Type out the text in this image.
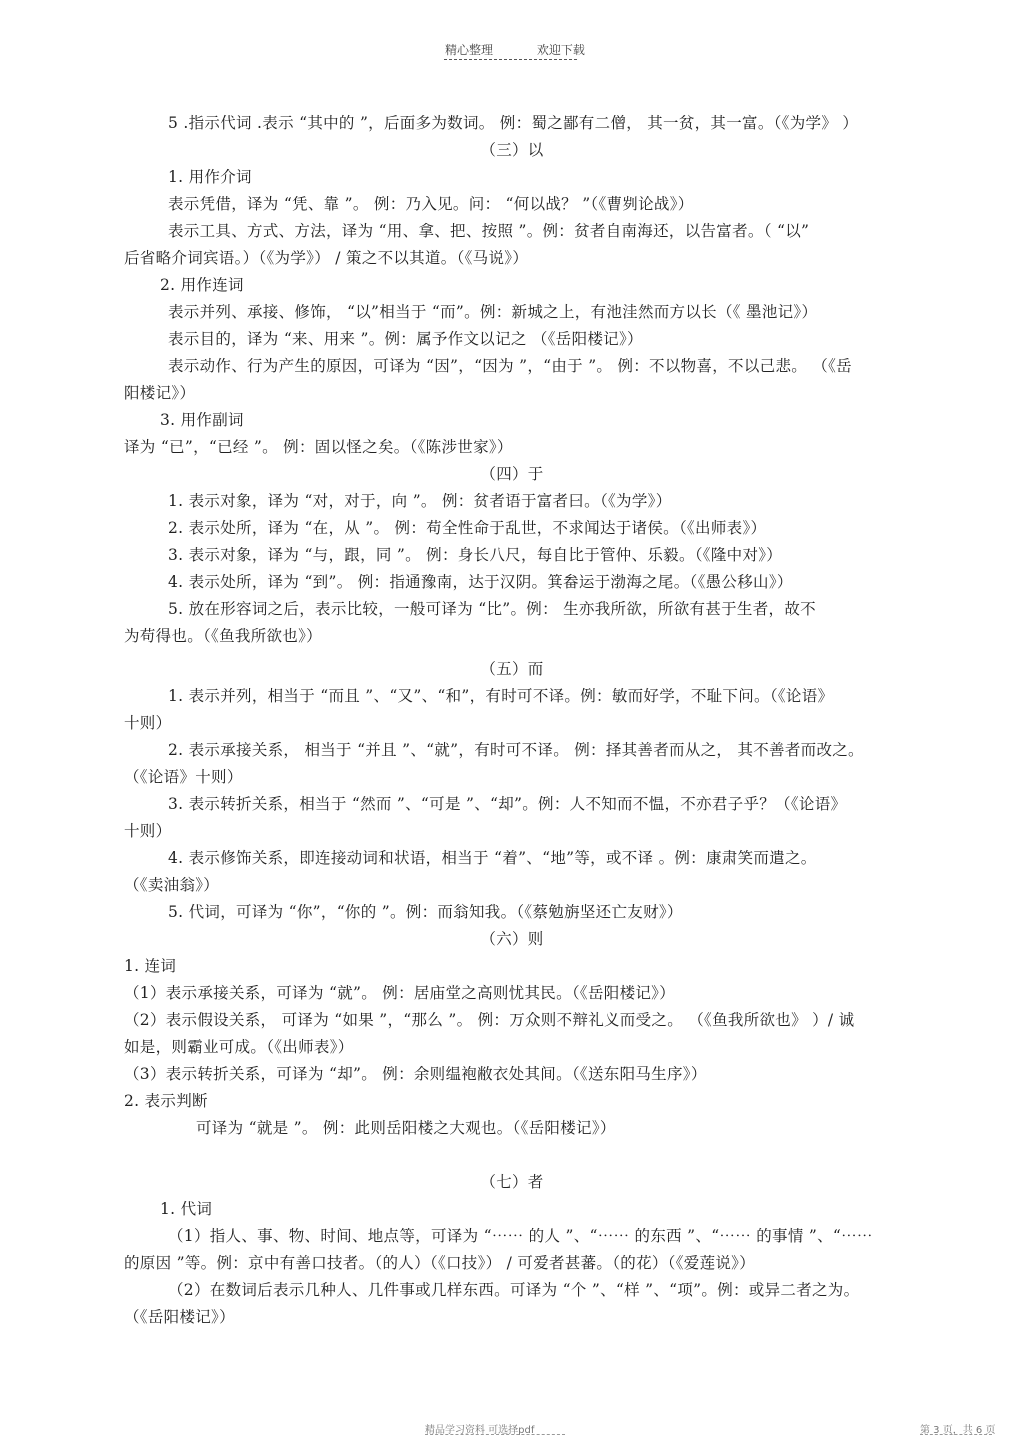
精心整理	欢迎下载

5 .指示代词 .表示 “其中的 ”，后面多为数词。 例：蜀之鄙有二僧， 其一贫，其一富。（《为学》 ）

（三）以

1. 用作介词

表示凭借，译为 “凭、靠 ”。 例：乃入见。问： “何以战？ ”（《曹刿论战》）

表示工具、方式、方法，译为 “用、拿、把、按照 ”。例：贫者自南海还，以告富者。（ “以”

后省略介词宾语。）（《为学》） / 策之不以其道。（《马说》）

2. 用作连词

表示并列、承接、修饰， “以”相当于 “而”。例：新城之上，有池洼然而方以长（《 墨池记》）

表示目的，译为 “来、用来 ”。例：属予作文以记之 （《岳阳楼记》）

表示动作、行为产生的原因，可译为 “因”，“因为 ”，“由于 ”。 例：不以物喜，不以己悲。 （《岳

阳楼记》）

3. 用作副词

译为 “已”，“已经 ”。 例：固以怪之矣。（《陈涉世家》）

（四）于

1. 表示对象，译为 “对，对于，向 ”。 例：贫者语于富者曰。（《为学》）

2. 表示处所，译为 “在，从 ”。 例：苟全性命于乱世，不求闻达于诸侯。（《出师表》）

3. 表示对象，译为 “与，跟，同 ”。 例：身长八尺，每自比于管仲、乐毅。（《隆中对》）

4. 表示处所，译为 “到”。 例：指通豫南，达于汉阴。箕畚运于渤海之尾。（《愚公移山》）

5. 放在形容词之后，表示比较，一般可译为 “比”。例： 生亦我所欲，所欲有甚于生者，故不

为苟得也。（《鱼我所欲也》）

（五）而

1. 表示并列，相当于 “而且 ”、“又”、“和”，有时可不译。例：敏而好学，不耻下问。（《论语》

十则）

2. 表示承接关系， 相当于 “并且 ”、“就”，有时可不译。 例：择其善者而从之， 其不善者而改之。

（《论语》十则）

3. 表示转折关系，相当于 “然而 ”、“可是 ”、“却”。例：人不知而不愠，不亦君子乎？（《论语》

十则）

4. 表示修饰关系，即连接动词和状语，相当于 “着”、“地”等，或不译 。例：康肃笑而遣之。

（《卖油翁》）

5. 代词，可译为 “你”，“你的 ”。例：而翁知我。（《蔡勉旃坚还亡友财》）

（六）则

1. 连词

（1）表示承接关系，可译为 “就”。 例：居庙堂之高则忧其民。（《岳阳楼记》）

（2）表示假设关系， 可译为 “如果 ”，“那么 ”。 例：万众则不辩礼义而受之。 （《鱼我所欲也》 ）/ 诚

如是，则霸业可成。（《出师表》）

（3）表示转折关系，可译为 “却”。 例：余则缊袍敝衣处其间。（《送东阳马生序》）

2. 表示判断

可译为 “就是 ”。 例：此则岳阳楼之大观也。（《岳阳楼记》）

（七）者

1. 代词

（1）指人、事、物、时间、地点等，可译为 “⋯⋯ 的人 ”、“⋯⋯ 的东西 ”、“⋯⋯ 的事情 ”、“⋯⋯

的原因 ”等。例：京中有善口技者。（的人）（《口技》） / 可爱者甚蕃。（的花）（《爱莲说》）

（2）在数词后表示几种人、几件事或几样东西。可译为 “个 ”、“样 ”、“项”。例：或异二者之为。

（《岳阳楼记》）

精品学习资料 可选择pdf	第 3 页，共 6 页
